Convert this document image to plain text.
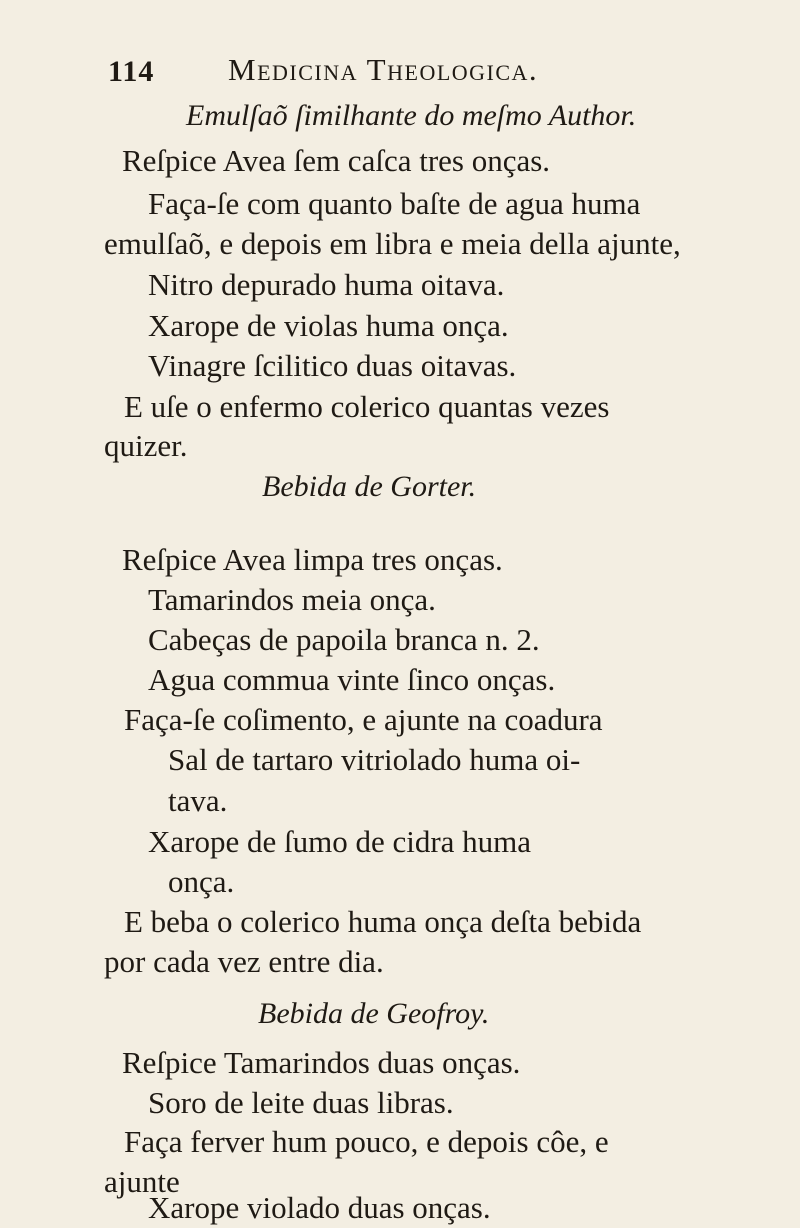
114 Medicina Theologica.
Emulſaõ ſimilhante do meſmo Author.
Reſpice Avea ſem caſca tres onças.
Faça-ſe com quanto baſte de agua huma
emulſaõ, e depois em libra e meia della ajunte,
Nitro depurado huma oitava.
Xarope de violas huma onça.
Vinagre ſcilitico duas oitavas.
E uſe o enfermo colerico quantas vezes
quizer.
Bebida de Gorter.
Reſpice Avea limpa tres onças.
Tamarindos meia onça.
Cabeças de papoila branca n. 2.
Agua commua vinte ſinco onças.
Faça-ſe coſimento, e ajunte na coadura
Sal de tartaro vitriolado huma oi-
tava.
Xarope de ſumo de cidra huma
onça.
E beba o colerico huma onça deſta bebida
por cada vez entre dia.
Bebida de Geofroy.
Reſpice Tamarindos duas onças.
Soro de leite duas libras.
Faça ferver hum pouco, e depois côe, e
ajunte
Xarope violado duas onças.
